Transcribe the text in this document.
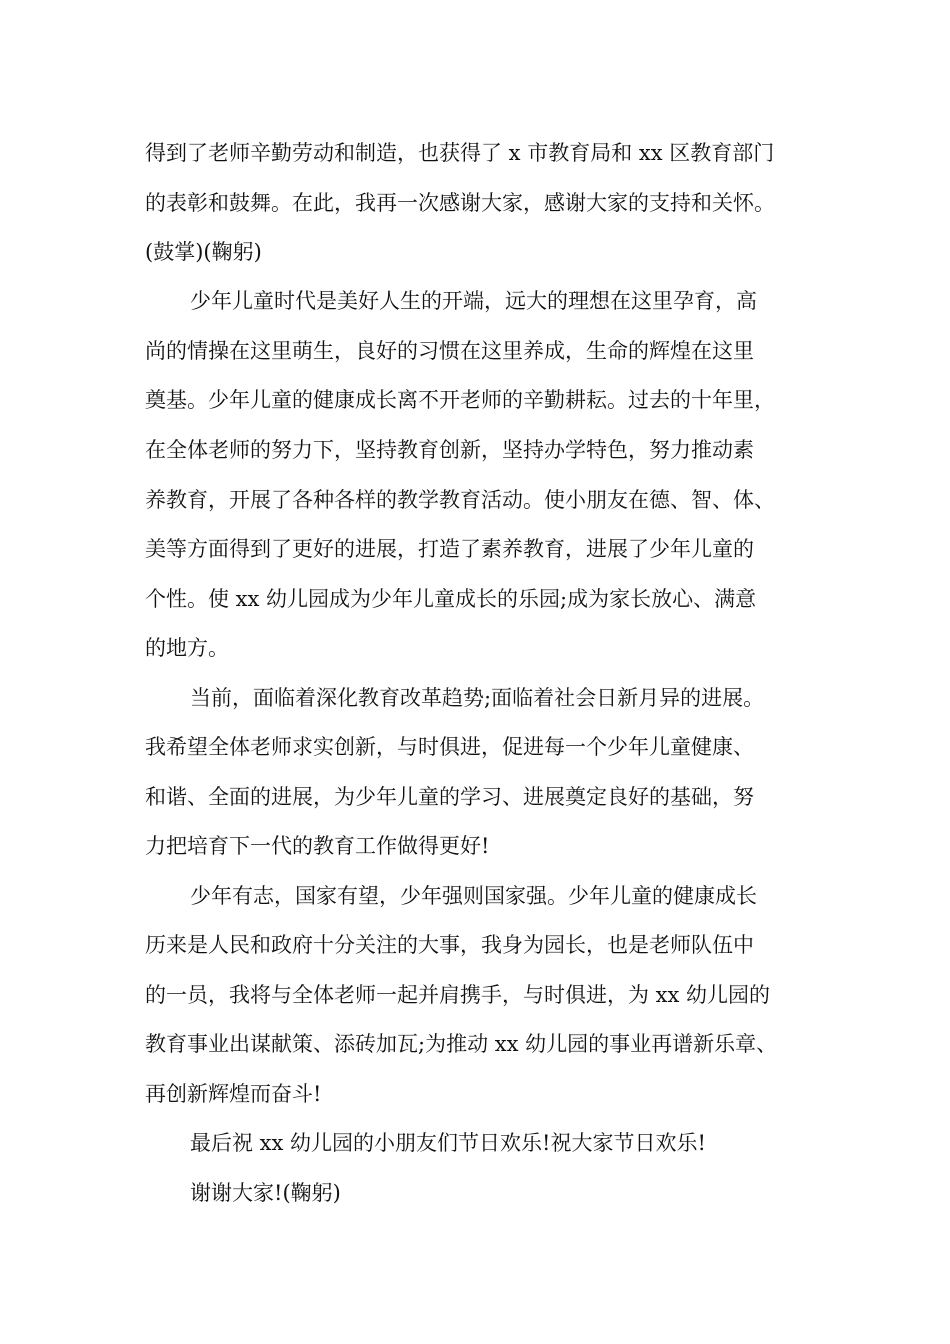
得到了老师辛勤劳动和制造，也获得了 x 市教育局和 xx 区教育部门
的表彰和鼓舞。在此，我再一次感谢大家，感谢大家的支持和关怀。
(鼓掌)(鞠躬)
少年儿童时代是美好人生的开端，远大的理想在这里孕育，高
尚的情操在这里萌生，良好的习惯在这里养成，生命的辉煌在这里
奠基。少年儿童的健康成长离不开老师的辛勤耕耘。过去的十年里，
在全体老师的努力下，坚持教育创新，坚持办学特色，努力推动素
养教育，开展了各种各样的教学教育活动。使小朋友在德、智、体、
美等方面得到了更好的进展，打造了素养教育，进展了少年儿童的
个性。使 xx 幼儿园成为少年儿童成长的乐园;成为家长放心、满意
的地方。
当前，面临着深化教育改革趋势;面临着社会日新月异的进展。
我希望全体老师求实创新，与时俱进，促进每一个少年儿童健康、
和谐、全面的进展，为少年儿童的学习、进展奠定良好的基础，努
力把培育下一代的教育工作做得更好!
少年有志，国家有望，少年强则国家强。少年儿童的健康成长
历来是人民和政府十分关注的大事，我身为园长，也是老师队伍中
的一员，我将与全体老师一起并肩携手，与时俱进，为 xx 幼儿园的
教育事业出谋献策、添砖加瓦;为推动 xx 幼儿园的事业再谱新乐章、
再创新辉煌而奋斗!
最后祝 xx 幼儿园的小朋友们节日欢乐!祝大家节日欢乐!
谢谢大家!(鞠躬)
